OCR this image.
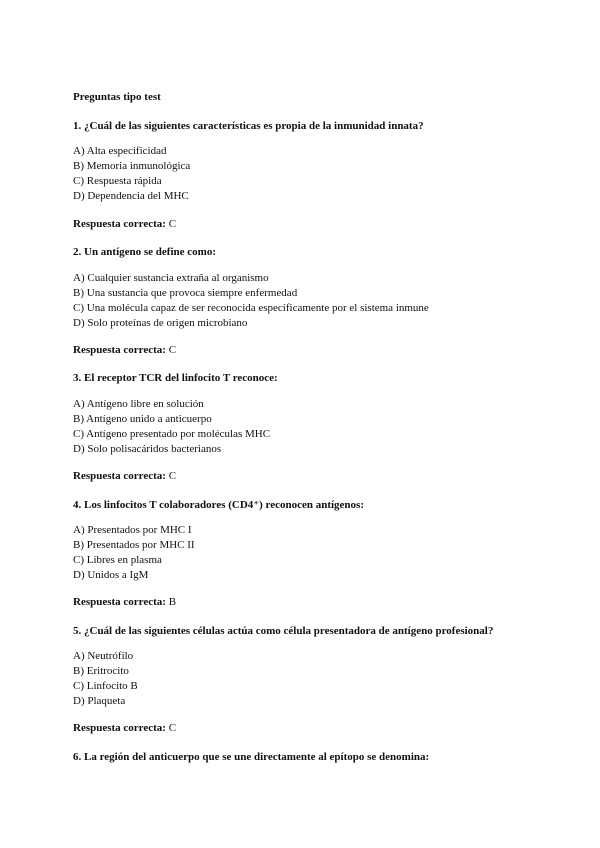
Preguntas tipo test
1. ¿Cuál de las siguientes características es propia de la inmunidad innata?
A) Alta especificidad
B) Memoria inmunológica
C) Respuesta rápida
D) Dependencia del MHC
Respuesta correcta: C
2. Un antígeno se define como:
A) Cualquier sustancia extraña al organismo
B) Una sustancia que provoca siempre enfermedad
C) Una molécula capaz de ser reconocida específicamente por el sistema inmune
D) Solo proteínas de origen microbiano
Respuesta correcta: C
3. El receptor TCR del linfocito T reconoce:
A) Antígeno libre en solución
B) Antígeno unido a anticuerpo
C) Antígeno presentado por moléculas MHC
D) Solo polisacáridos bacterianos
Respuesta correcta: C
4. Los linfocitos T colaboradores (CD4⁺) reconocen antígenos:
A) Presentados por MHC I
B) Presentados por MHC II
C) Libres en plasma
D) Unidos a IgM
Respuesta correcta: B
5. ¿Cuál de las siguientes células actúa como célula presentadora de antígeno profesional?
A) Neutrófilo
B) Eritrocito
C) Linfocito B
D) Plaqueta
Respuesta correcta: C
6. La región del anticuerpo que se une directamente al epítopo se denomina:
